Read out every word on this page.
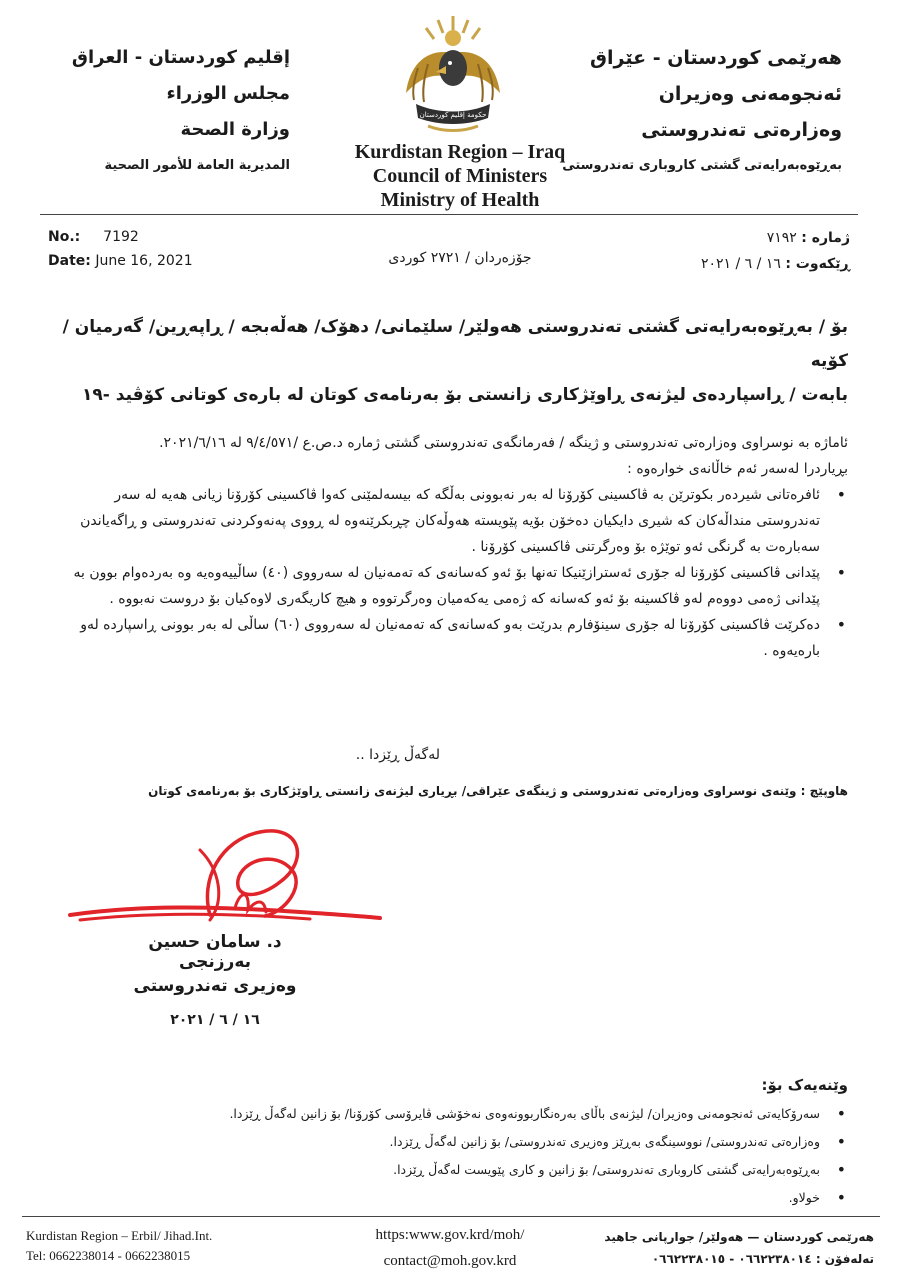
هەرێمی کوردستان - عێراق
ئەنجومەنی وەزیران
وەزارەتی تەندروستی
بەڕێوەبەرایەتی گشتی کاروباری تەندروستی
إقليم كوردستان - العراق
مجلس الوزراء
وزارة الصحة
المديرية العامة للأمور الصحية
حكومة إقليم كوردستان
Kurdistan Region – Iraq
Council of Ministers
Ministry of Health
No.: 7192
Date: June 16, 2021	جۆزەردان / ٢٧٢١ کوردی
ژمارە : ٧١٩٢
ڕێکەوت : ١٦ / ٦ / ٢٠٢١
بۆ / بەڕێوەبەرایەتی گشتی تەندروستی هەولێر/ سلێمانی/ دهۆک/ هەڵەبجە / ڕاپەڕین/ گەرمیان /کۆیە
بابەت / ڕاسپاردەی لیژنەی ڕاوێژکاری زانستی بۆ بەرنامەی کوتان لە بارەی کوتانی کۆڤید -١٩
ئاماژە بە نوسراوی وەزارەتی تەندروستی و ژینگە / فەرمانگەی تەندروستی گشتی ژمارە د.ص.ع /٩/٤/٥٧١ لە ٢٠٢١/٦/١٦.
بڕیاردرا لەسەر ئەم خاڵانەی خوارەوە :
•
ئافرەتانی شیردەر بکوترێن بە ڤاکسینی کۆرۆنا لە بەر نەبوونی بەڵگە کە بیسەلمێنی کەوا ڤاکسینی کۆرۆنا زیانی هەیە لە سەر تەندروستی منداڵەکان کە شیری دایکیان دەخۆن بۆیە پێویستە هەوڵەکان چڕبکرێنەوە لە ڕووی پەنەوکردنی تەندروستی و ڕاگەیاندن سەبارەت بە گرنگی ئەو توێژە بۆ وەرگرتنی ڤاکسینی کۆرۆنا .
•
پێدانی ڤاکسینی کۆرۆنا لە جۆری ئەسترازێنیکا تەنها بۆ ئەو کەسانەی کە تەمەنیان لە سەرووی (٤٠) ساڵییەوەیە وە بەردەوام بوون بە پێدانی ژەمی دووەم لەو ڤاکسینە بۆ ئەو کەسانە کە ژەمی یەکەمیان وەرگرتووە و هیچ کاریگەری لاوەکیان بۆ دروست نەبووە .
•
دەکرێت ڤاکسینی کۆرۆنا لە جۆری سینۆفارم بدرێت بەو کەسانەی کە تەمەنیان لە سەرووی (٦٠) ساڵی لە بەر بوونی ڕاسپاردە لەو بارەیەوە .
لەگەڵ ڕێزدا ..
هاوپێچ : وێنەی نوسراوی وەزارەتی تەندروستی و ژینگەی عێراقی/ بڕیاری لیژنەی زانستی ڕاوێژکاری بۆ بەرنامەی کوتان
د. سامان حسین بەرزنجی
وەزیری تەندروستی
١٦ / ٦ / ٢٠٢١
وێنەیەک بۆ:
•
سەرۆکایەتی ئەنجومەنی وەزیران/ لیژنەی باڵای بەرەنگاربوونەوەی نەخۆشی ڤایرۆسی کۆرۆنا/ بۆ زانین لەگەڵ ڕێزدا.
•
وەزارەتی تەندروستی/ نووسینگەی بەڕێز وەزیری تەندروستی/ بۆ زانین لەگەڵ ڕێزدا.
•
بەڕێوەبەرایەتی گشتی کاروباری تەندروستی/ بۆ زانین و کاری پێویست لەگەڵ ڕێزدا.
•
خولاو.
Kurdistan Region – Erbil/ Jihad.Int.
Tel: 0662238014 - 0662238015
https:www.gov.krd/moh/
contact@moh.gov.krd
هەرێمی کوردستان — هەولێر/ جوارپانی جاهید
تەلەفۆن : ٠٦٦٢٢٣٨٠١٤ - ٠٦٦٢٢٣٨٠١٥
